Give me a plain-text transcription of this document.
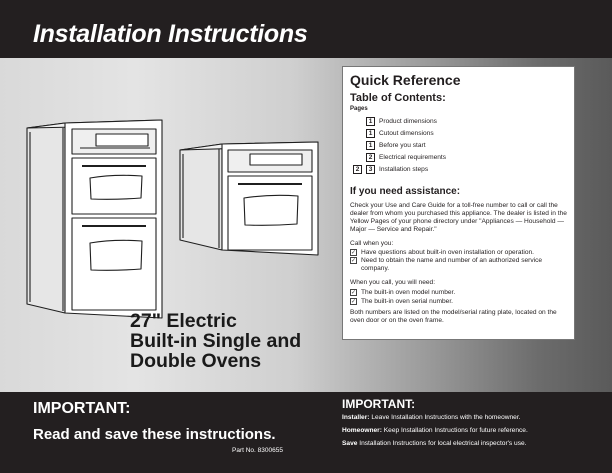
Installation Instructions
27" Electric
Built-in Single and
Double Ovens
Quick Reference
Table of Contents:
Pages
1	Product dimensions
1	Cutout dimensions
1	Before you start
2	Electrical requirements
2	3	Installation steps
If you need assistance:
Check your Use and Care Guide for a toll-free number to call or call the dealer from whom you purchased this appliance. The dealer is listed in the Yellow Pages of your phone directory under "Appliances — Household — Major — Service and Repair."
Call when you:
✓ Have questions about built-in oven installation or operation.
✓ Need to obtain the name and number of an authorized service company.
When you call, you will need:
✓ The built-in oven model number.
✓ The built-in oven serial number.
Both numbers are listed on the model/serial rating plate, located on the oven door or on the oven frame.
IMPORTANT:
Read and save these instructions.
Part No. 8300655
IMPORTANT:
Installer: Leave Installation Instructions with the homeowner.
Homeowner: Keep Installation Instructions for future reference.
Save Installation Instructions for local electrical inspector's use.
